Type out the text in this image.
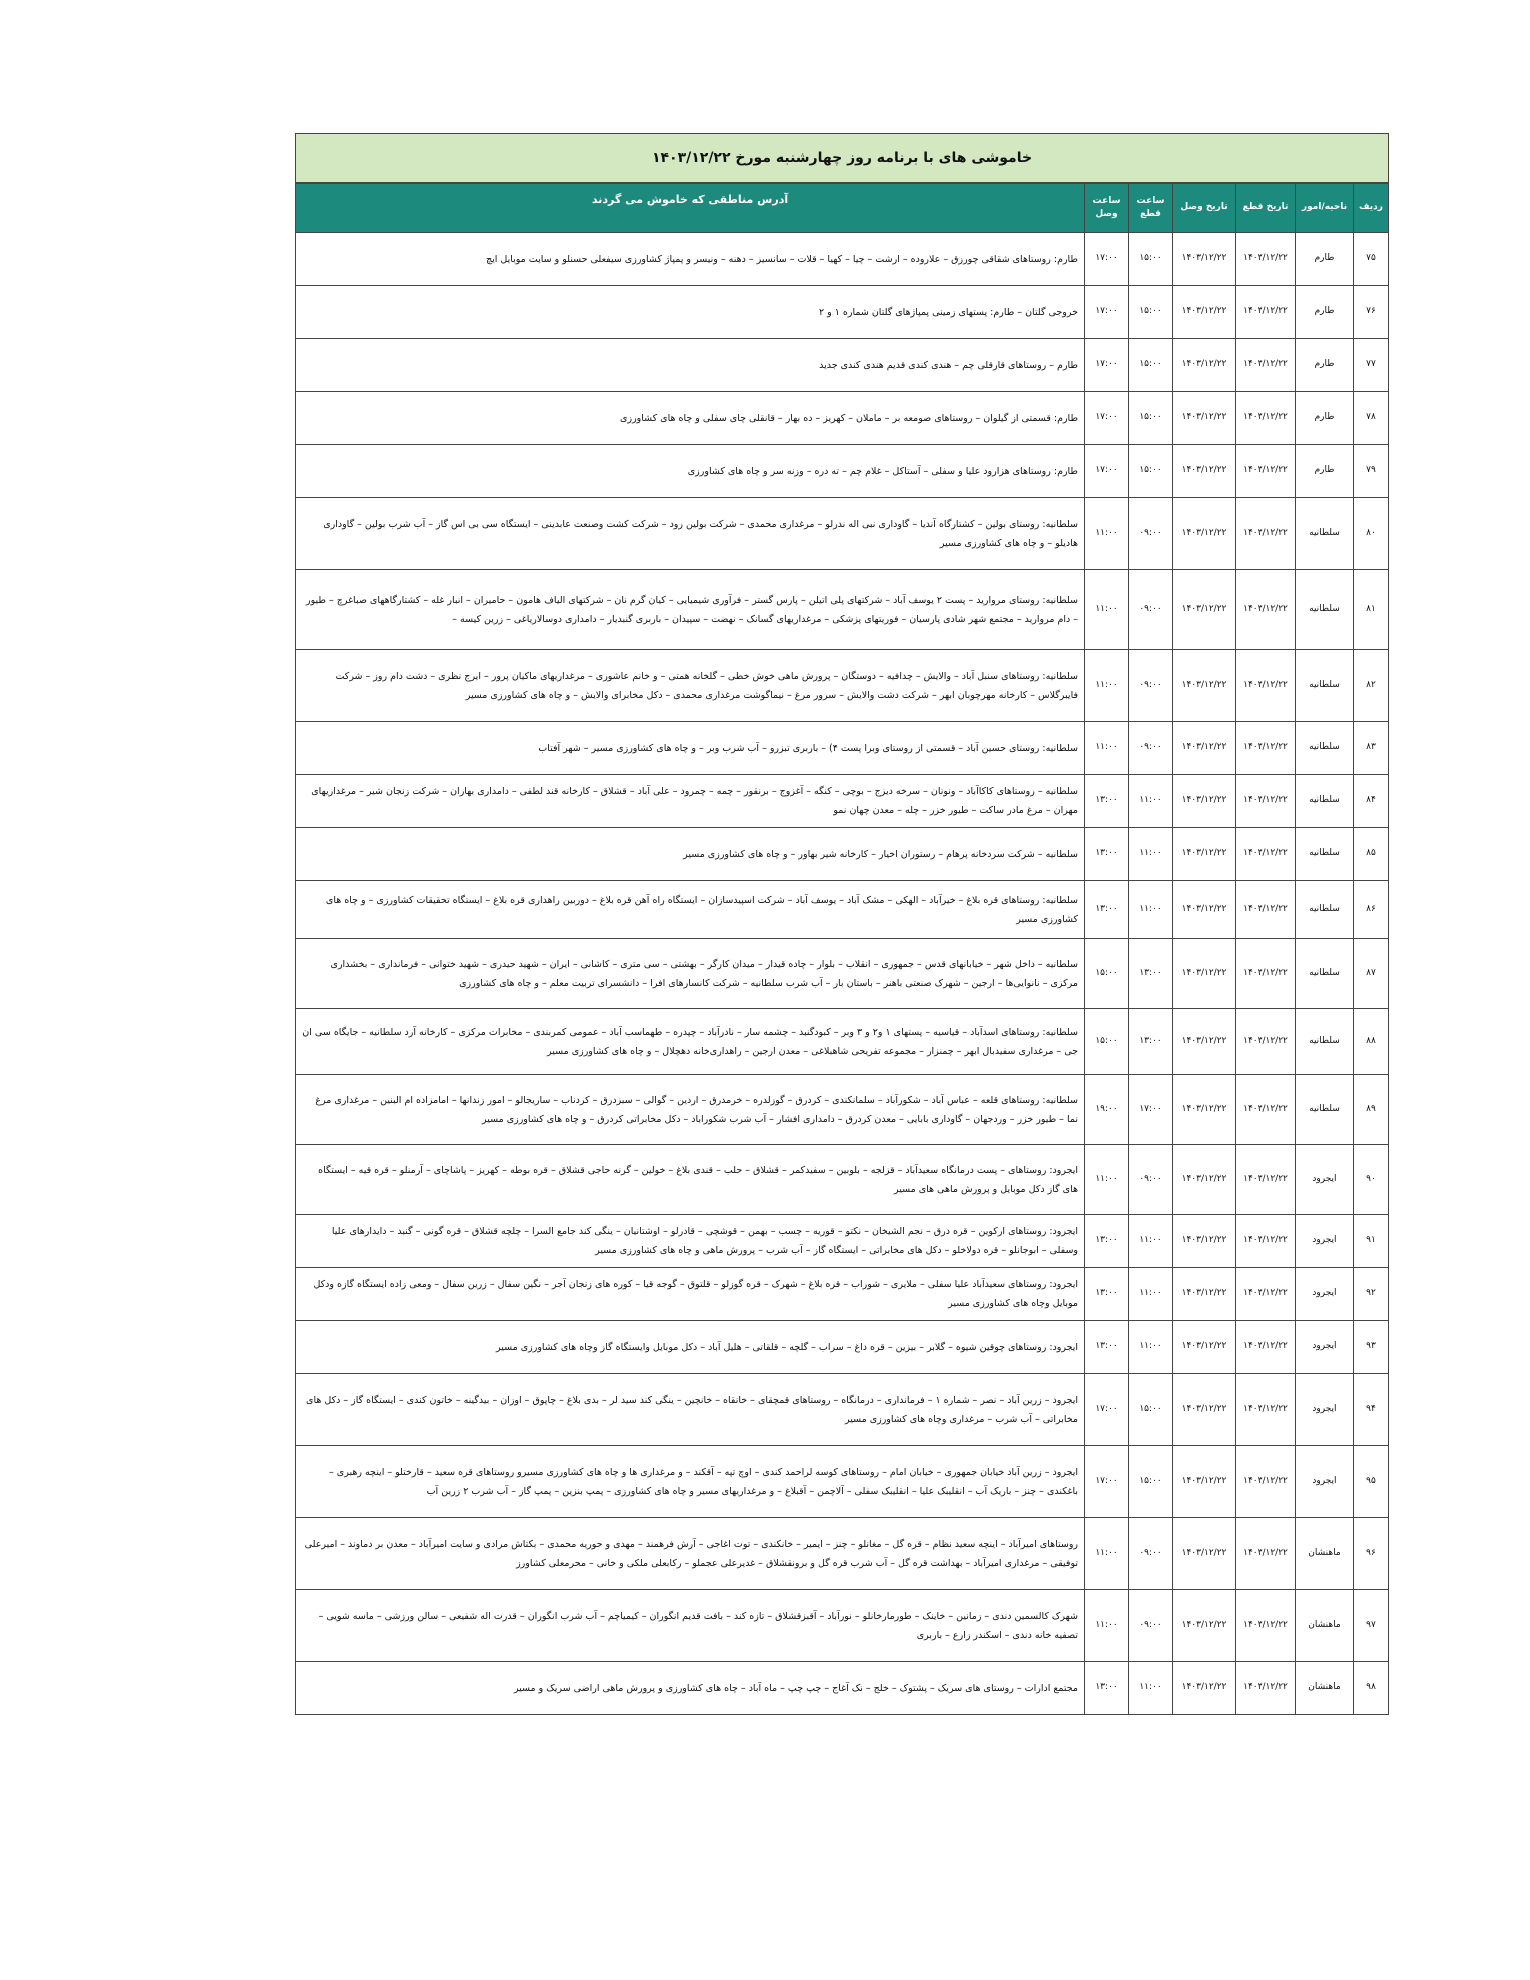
خاموشی های با برنامه روز چهارشنبه مورخ ۱۴۰۳/۱۲/۲۲
ردیف	ناحیه/امور	تاریخ قطع	تاریخ وصل	ساعت قطع	ساعت وصل	آدرس مناطقی که خاموش می گردند
۷۵	طارم	۱۴۰۳/۱۲/۲۲	۱۴۰۳/۱۲/۲۲	۱۵:۰۰	۱۷:۰۰	طارم: روستاهای شقاقی چورزق – علاروده – ارشت – چیا – کهیا – قلات – سانسیز – دهنه – ونیسر و پمپاژ کشاورزی سیفعلی حسنلو و سایت موبایل ایچ
۷۶	طارم	۱۴۰۳/۱۲/۲۲	۱۴۰۳/۱۲/۲۲	۱۵:۰۰	۱۷:۰۰	خروجی گلتان – طارم: پستهای زمینی پمپاژهای گلتان شماره ۱ و ۲
۷۷	طارم	۱۴۰۳/۱۲/۲۲	۱۴۰۳/۱۲/۲۲	۱۵:۰۰	۱۷:۰۰	طارم – روستاهای قارقلی چم – هندی کندی قدیم هندی کندی جدید
۷۸	طارم	۱۴۰۳/۱۲/۲۲	۱۴۰۳/۱۲/۲۲	۱۵:۰۰	۱۷:۰۰	طارم: قسمتی از گیلوان – روستاهای صومعه بر – ماملان – کهریز – ده بهار – قانقلی چای سفلی و چاه های کشاورزی
۷۹	طارم	۱۴۰۳/۱۲/۲۲	۱۴۰۳/۱۲/۲۲	۱۵:۰۰	۱۷:۰۰	طارم: روستاهای هزارود علیا و سفلی – آستاکل – غلام چم – ته دره – وزنه سر و چاه های کشاورزی
۸۰	سلطانیه	۱۴۰۳/۱۲/۲۲	۱۴۰۳/۱۲/۲۲	۰۹:۰۰	۱۱:۰۰	سلطانیه: روستای بولین – کشتارگاه آندیا – گاوداری نبی اله ندرلو – مرغداری محمدی – شرکت بولین رود – شرکت کشت وصنعت عابدینی – ایستگاه سی بی اس گاز – آب شرب بولین – گاوداری هادیلو – و چاه های کشاورزی مسیر
۸۱	سلطانیه	۱۴۰۳/۱۲/۲۲	۱۴۰۳/۱۲/۲۲	۰۹:۰۰	۱۱:۰۰	سلطانیه: روستای مروارید – پست ۲ یوسف آباد – شرکتهای پلی اتیلن – پارس گستر – فرآوری شیمیایی – کیان گرم نان – شرکتهای الیاف هامون – حامیران – انبار غله – کشتارگاههای صباغرچ – طیور – دام مروارید – مجتمع شهر شادی پارسیان – فوریتهای پزشکی – مرغداریهای گسانک – نهضت – سپیدان – باربری گنبدیار – دامداری دوسالاریاغی – زرین کیسه –
۸۲	سلطانیه	۱۴۰۳/۱۲/۲۲	۱۴۰۳/۱۲/۲۲	۰۹:۰۰	۱۱:۰۰	سلطانیه: روستاهای سنبل آباد – والایش – چدافیه – دوستگان – پرورش ماهی خوش خطی – گلخانه همتی – و خانم عاشوری – مرغداریهای ماکیان پرور – ایرج نظری – دشت دام روز – شرکت فایبرگلاس – کارخانه مهرچوبان ابهر – شرکت دشت والایش – سرور مرغ – نیماگوشت مرغداری محمدی – دکل مخابرای والایش – و چاه های کشاورزی مسیر
۸۳	سلطانیه	۱۴۰۳/۱۲/۲۲	۱۴۰۳/۱۲/۲۲	۰۹:۰۰	۱۱:۰۰	سلطانیه: روستای حسین آباد – قسمتی از روستای وبرا پست ۴) – باربری تبزرو – آب شرب وبر – و چاه های کشاورزی مسیر – شهر آفتاب
۸۴	سلطانیه	۱۴۰۳/۱۲/۲۲	۱۴۰۳/۱۲/۲۲	۱۱:۰۰	۱۳:۰۰	سلطانیه – روستاهای کاکاآباد – ونونان – سرخه دیزج – بوچی – کنگه – آغزوج – برنقور – چمه – چمرود – علی آباد – قشلاق – کارخانه قند لطفی – دامداری بهاران – شرکت زنجان شیر – مرغداریهای مهران – مرغ مادر ساکت – طیور خزر – چله – معدن چهان نمو
۸۵	سلطانیه	۱۴۰۳/۱۲/۲۲	۱۴۰۳/۱۲/۲۲	۱۱:۰۰	۱۳:۰۰	سلطانیه – شرکت سردخانه پرهام – رستوران اخیار – کارخانه شیر بهاور – و چاه های کشاورزی مسیر
۸۶	سلطانیه	۱۴۰۳/۱۲/۲۲	۱۴۰۳/۱۲/۲۲	۱۱:۰۰	۱۳:۰۰	سلطانیه: روستاهای قره بلاغ – خیرآباد – الهکی – مشک آباد – یوسف آباد – شرکت اسپیدسازان – ایستگاه راه آهن قره بلاغ – دوربین راهداری قره بلاغ – ایستگاه تحقیقات کشاورزی – و چاه های کشاورزی مسیر
۸۷	سلطانیه	۱۴۰۳/۱۲/۲۲	۱۴۰۳/۱۲/۲۲	۱۳:۰۰	۱۵:۰۰	سلطانیه – داخل شهر – خیابانهای قدس – جمهوری – انقلاب – بلوار – چاده قیدار – میدان کارگر – بهشتی – سی متری – کاشانی – ایران – شهید حیدری – شهید ختوانی – فرمانداری – بخشداری مرکزی – نانوایی‌ها – ارجین – شهرک صنعتی باهنر – باستان بار – آب شرب سلطانیه – شرکت کانسارهای افرا – دانشسرای تربیت معلم – و چاه های کشاورزی
۸۸	سلطانیه	۱۴۰۳/۱۲/۲۲	۱۴۰۳/۱۲/۲۲	۱۳:۰۰	۱۵:۰۰	سلطانیه: روستاهای اسدآباد – قیاسیه – پستهای ۱ و۲ و ۳ وبر – کبودگنبد – چشمه سار – نادرآباد – چپدره – طهماسب آباد – عمومی کمربندی – مخابرات مرکزی – کارخانه آرد سلطانیه – جایگاه سی ان جی – مرغداری سفیدبال ابهر – چمنزار – مجموعه تفریحی شاهبلاغی – معدن ارجین – راهداری‌خانه دهچلال – و چاه های کشاورزی مسیر
۸۹	سلطانیه	۱۴۰۳/۱۲/۲۲	۱۴۰۳/۱۲/۲۲	۱۷:۰۰	۱۹:۰۰	سلطانیه: روستاهای قلعه – عباس آباد – شکورآباد – سلمانکندی – کردرق – گوزلدره – خرمدرق – اردین – گوالی – سبزدرق – کردناب – ساریجالو – امور زندانها – امامزاده ام البنین – مرغداری مرغ نما – طیور خزر – وردجهان – گاوداری بابایی – معدن کردرق – دامداری افشار – آب شرب شکوراباد – دکل مخابراتی کردرق – و چاه های کشاورزی مسیر
۹۰	ایجرود	۱۴۰۳/۱۲/۲۲	۱۴۰۳/۱۲/۲۲	۰۹:۰۰	۱۱:۰۰	ایجرود: روستاهای – پست درمانگاه سعیدآباد – قزلجه – بلوبین – سفیدکمر – قشلاق – حلب – قندی بلاغ – خولین – گرنه حاجی قشلاق – قره بوطه – کهریز – پاشاچای – آرمنلو – قره قیه – ایستگاه های گاز دکل موبایل و پرورش ماهی های مسیر
۹۱	ایجرود	۱۴۰۳/۱۲/۲۲	۱۴۰۳/۱۲/۲۲	۱۱:۰۰	۱۳:۰۰	ایجرود: روستاهای ارکوین – قره درق – نجم الشیخان – نکتو – قوریه – چسب – بهمن – قوشچی – قادرلو – اوشتانیان – ینگی کند جامع السرا – چلچه قشلاق – قره گونی – گنبد – دایدارهای علیا وسفلی – ابوجانلو – قره دولاخلو – دکل های مخابراتی – ایستگاه گاز – آب شرب – پرورش ماهی و چاه های کشاورزی مسیر
۹۲	ایجرود	۱۴۰۳/۱۲/۲۲	۱۴۰۳/۱۲/۲۲	۱۱:۰۰	۱۳:۰۰	ایجرود: روستاهای سعیدآباد علیا سفلی – ملایری – شوراب – قره بلاغ – شهرک – قره گوزلو – قلتوق – گوجه قیا – کوره های زنجان آجر – نگین سفال – زرین سفال – ومعی زاده ایستگاه گازه ودکل موبایل وچاه های کشاورزی مسیر
۹۳	ایجرود	۱۴۰۳/۱۲/۲۲	۱۴۰۳/۱۲/۲۲	۱۱:۰۰	۱۳:۰۰	ایجرود: روستاهای چوقین شیوه – گلابر – بیزین – قره داغ – سراب – گلچه – قلقاتی – هلیل آباد – دکل موبایل وایستگاه گاز وچاه های کشاورزی مسیر
۹۴	ایجرود	۱۴۰۳/۱۲/۲۲	۱۴۰۳/۱۲/۲۲	۱۵:۰۰	۱۷:۰۰	ایجرود – زرین آباد – نصر – شماره ۱ – فرمانداری – درمانگاه – روستاهای قمچقای – خانقاه – خانچین – ینگی کند سید لر – بدی بلاغ – چاپوق – اوزان – بیدگینه – خاتون کندی – ایستگاه گاز – دکل های مخابراتی – آب شرب – مرغداری وچاه های کشاورزی مسیر
۹۵	ایجرود	۱۴۰۳/۱۲/۲۲	۱۴۰۳/۱۲/۲۲	۱۵:۰۰	۱۷:۰۰	ایجرود – زرین آباد خیابان جمهوری – خیابان امام – روستاهای کوسه لراحمد کندی – اوچ تپه – آقکند – و مرغداری ها و چاه های کشاورزی مسیرو روستاهای قره سعید – قارختلو – اینچه رهبری – باغکندی – چنز – باریک آب – انقلیبک علیا – انقلیبک سفلی – آلاچمن – آقبلاغ – و مرغداریهای مسیر و چاه های کشاورزی – پمپ بنزین – پمپ گاز – آب شرب ۲ زرین آب
۹۶	ماهنشان	۱۴۰۳/۱۲/۲۲	۱۴۰۳/۱۲/۲۲	۰۹:۰۰	۱۱:۰۰	روستاهای امیرآباد – اینچه سعید نظام – قره گل – مغانلو – چنز – ایمیر – خانکندی – توت اغاجی – آرش فرهمند – مهدی و حوریه محمدی – بکتاش مرادی و سایت امیرآباد – معدن بر دماوند – امیرعلی توفیقی – مرغداری امیرآباد – بهداشت قره گل – آب شرب قره گل و برونقشلاق – غدیرعلی عجملو – رکابعلی ملکی و خانی – محرمعلی کشاورز
۹۷	ماهنشان	۱۴۰۳/۱۲/۲۲	۱۴۰۳/۱۲/۲۲	۰۹:۰۰	۱۱:۰۰	شهرک کالسمین دندی – زمانین – خاینک – طورمارخانلو – نورآباد – آقبزقشلاق – تازه کند – بافت قدیم انگوران – کیمیاچم – آب شرب انگوران – قدرت اله شفیعی – سالن ورزشی – ماسه شویی – تصفیه خانه دندی – اسکندر زارع – باربری
۹۸	ماهنشان	۱۴۰۳/۱۲/۲۲	۱۴۰۳/۱۲/۲۲	۱۱:۰۰	۱۳:۰۰	مجتمع ادارات – روستای های سریک – پشتوک – خلج – نک آغاج – چپ چپ – ماه آباد – چاه های کشاورزی و پرورش ماهی اراضی سریک و مسیر
